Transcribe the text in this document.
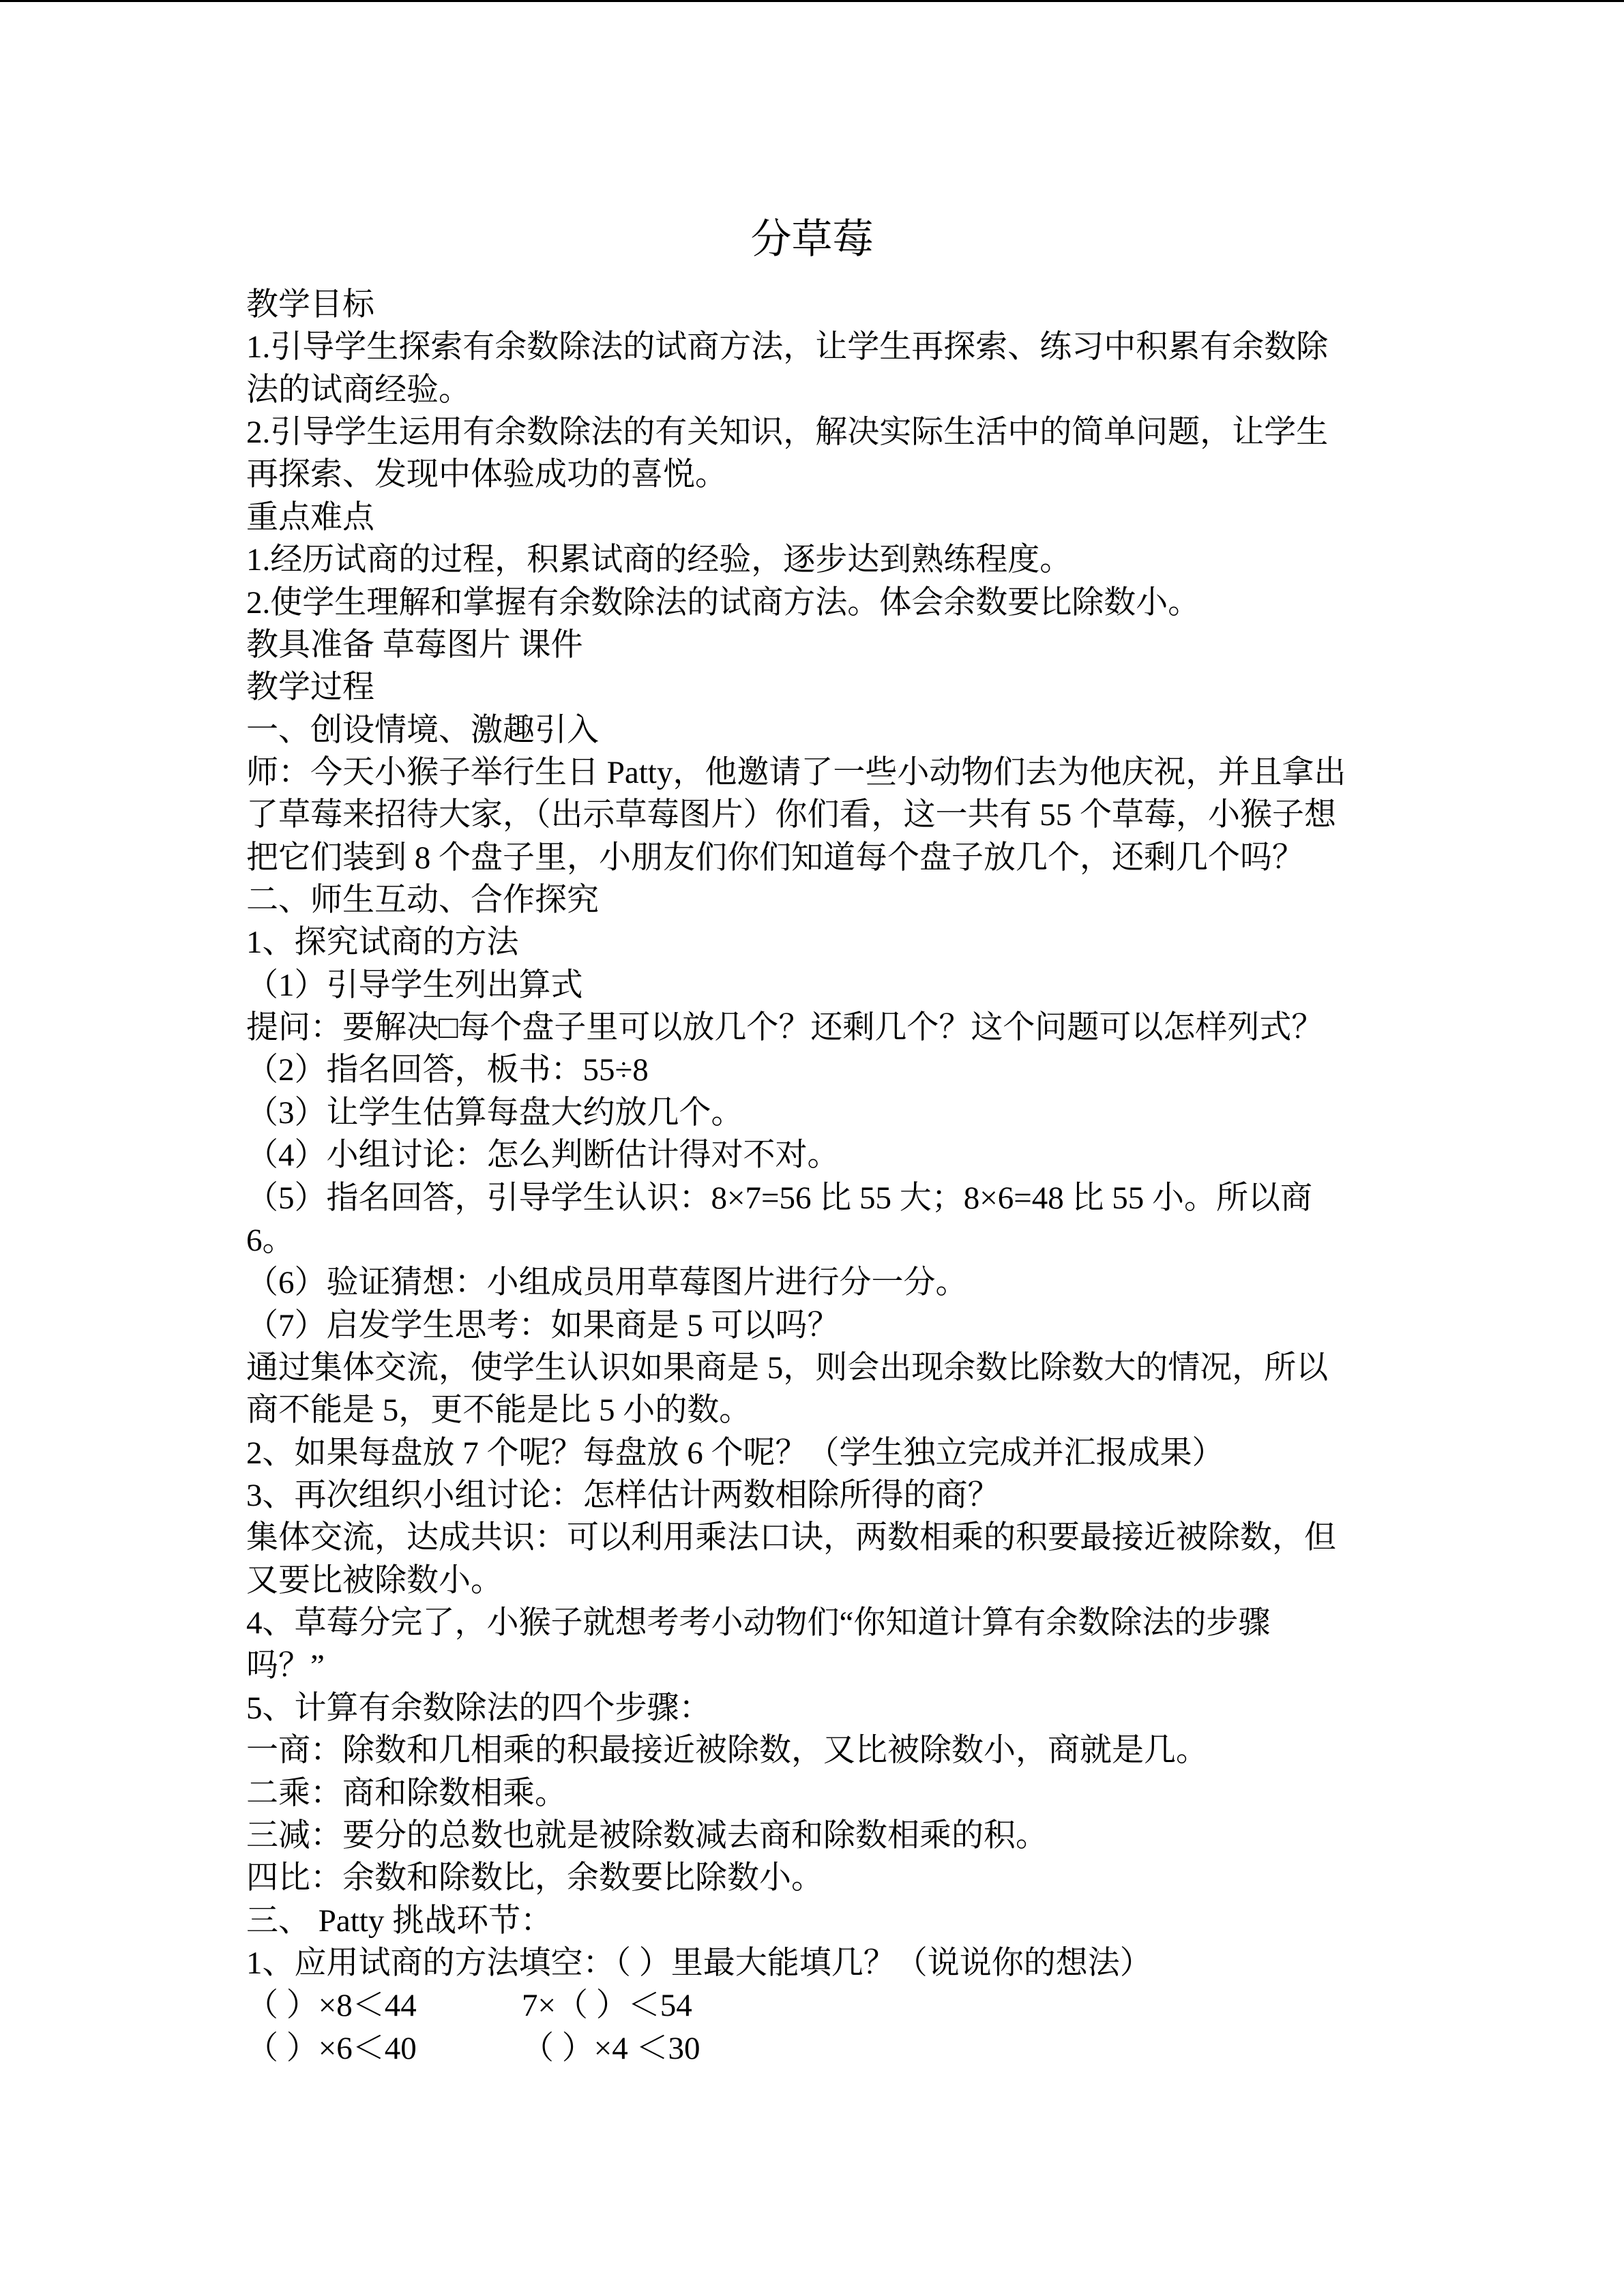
分草莓
教学目标
1.引导学生探索有余数除法的试商方法，让学生再探索、练习中积累有余数除
法的试商经验。
2.引导学生运用有余数除法的有关知识，解决实际生活中的简单问题，让学生
再探索、发现中体验成功的喜悦。
重点难点
1.经历试商的过程，积累试商的经验，逐步达到熟练程度。
2.使学生理解和掌握有余数除法的试商方法。体会余数要比除数小。
教具准备 草莓图片 课件
教学过程
一、创设情境、激趣引入
师：今天小猴子举行生日 Patty，他邀请了一些小动物们去为他庆祝，并且拿出
了草莓来招待大家，（出示草莓图片）你们看，这一共有 55 个草莓，小猴子想
把它们装到 8 个盘子里，小朋友们你们知道每个盘子放几个，还剩几个吗？
二、师生互动、合作探究
1、探究试商的方法
（1）引导学生列出算式
提问：要解决□每个盘子里可以放几个？还剩几个？这个问题可以怎样列式？
（2）指名回答，板书：55÷8
（3）让学生估算每盘大约放几个。
（4）小组讨论：怎么判断估计得对不对。
（5）指名回答，引导学生认识：8×7=56 比 55 大；8×6=48 比 55 小。所以商
6。
（6）验证猜想：小组成员用草莓图片进行分一分。
（7）启发学生思考：如果商是 5 可以吗？
通过集体交流，使学生认识如果商是 5，则会出现余数比除数大的情况，所以
商不能是 5，更不能是比 5 小的数。
2、如果每盘放 7 个呢？每盘放 6 个呢？（学生独立完成并汇报成果）
3、再次组织小组讨论：怎样估计两数相除所得的商？
集体交流，达成共识：可以利用乘法口诀，两数相乘的积要最接近被除数，但
又要比被除数小。
4、草莓分完了，小猴子就想考考小动物们“你知道计算有余数除法的步骤
吗？”
5、计算有余数除法的四个步骤：
一商：除数和几相乘的积最接近被除数，又比被除数小，商就是几。
二乘：商和除数相乘。
三减：要分的总数也就是被除数减去商和除数相乘的积。
四比：余数和除数比，余数要比除数小。
三、 Patty 挑战环节：
1、应用试商的方法填空：（ ）里最大能填几？（说说你的想法）
（ ）×8＜44	7×（ ）＜54
（ ）×6＜40	（ ）×4 ＜30
